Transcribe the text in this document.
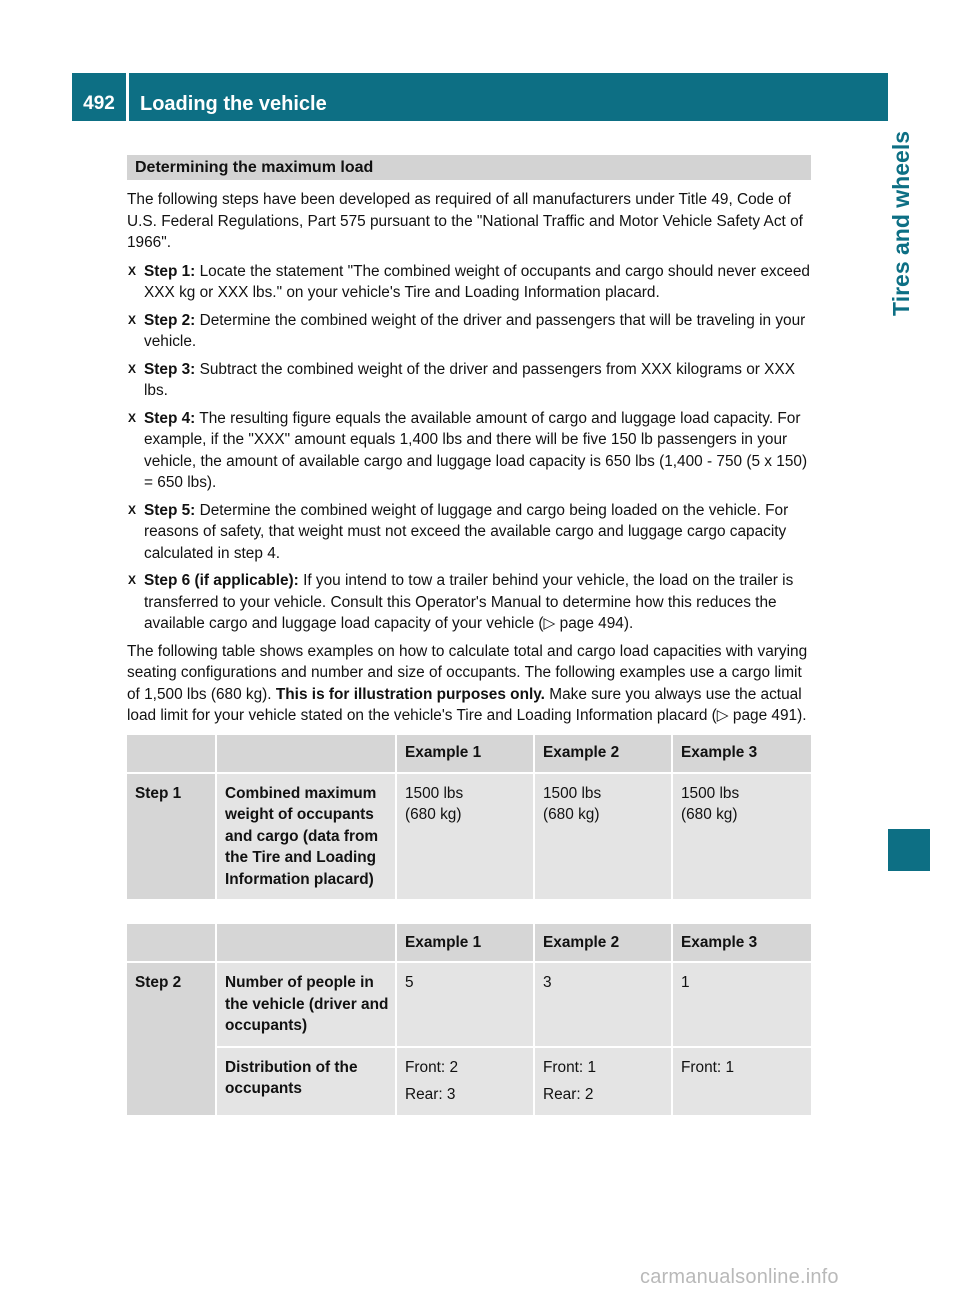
492	Loading the vehicle
Tires and wheels
Determining the maximum load

The following steps have been developed as required of all manufacturers under Title 49, Code of U.S. Federal Regulations, Part 575 pursuant to the "National Traffic and Motor Vehicle Safety Act of 1966".

X Step 1: Locate the statement "The combined weight of occupants and cargo should never exceed XXX kg or XXX lbs." on your vehicle's Tire and Loading Information placard.
X Step 2: Determine the combined weight of the driver and passengers that will be traveling in your vehicle.
X Step 3: Subtract the combined weight of the driver and passengers from XXX kilograms or XXX lbs.
X Step 4: The resulting figure equals the available amount of cargo and luggage load capacity. For example, if the "XXX" amount equals 1,400 lbs and there will be five 150 lb passengers in your vehicle, the amount of available cargo and luggage load capacity is 650 lbs (1,400 - 750 (5 x 150) = 650 lbs).
X Step 5: Determine the combined weight of luggage and cargo being loaded on the vehicle. For reasons of safety, that weight must not exceed the available cargo and luggage cargo capacity calculated in step 4.
X Step 6 (if applicable): If you intend to tow a trailer behind your vehicle, the load on the trailer is transferred to your vehicle. Consult this Operator's Manual to determine how this reduces the available cargo and luggage load capacity of your vehicle (▷ page 494).

The following table shows examples on how to calculate total and cargo load capacities with varying seating configurations and number and size of occupants. The following examples use a cargo limit of 1,500 lbs (680 kg). This is for illustration purposes only. Make sure you always use the actual load limit for your vehicle stated on the vehicle's Tire and Loading Information placard (▷ page 491).

		Example 1	Example 2	Example 3
Step 1	Combined maximum weight of occupants and cargo (data from the Tire and Loading Information placard)	1500 lbs
(680 kg)	1500 lbs
(680 kg)	1500 lbs
(680 kg)
		Example 1	Example 2	Example 3
Step 2	Number of people in the vehicle (driver and occupants)	5	3	1
	Distribution of the occupants	Front: 2
Rear: 3	Front: 1
Rear: 2	Front: 1
carmanualsonline.info
